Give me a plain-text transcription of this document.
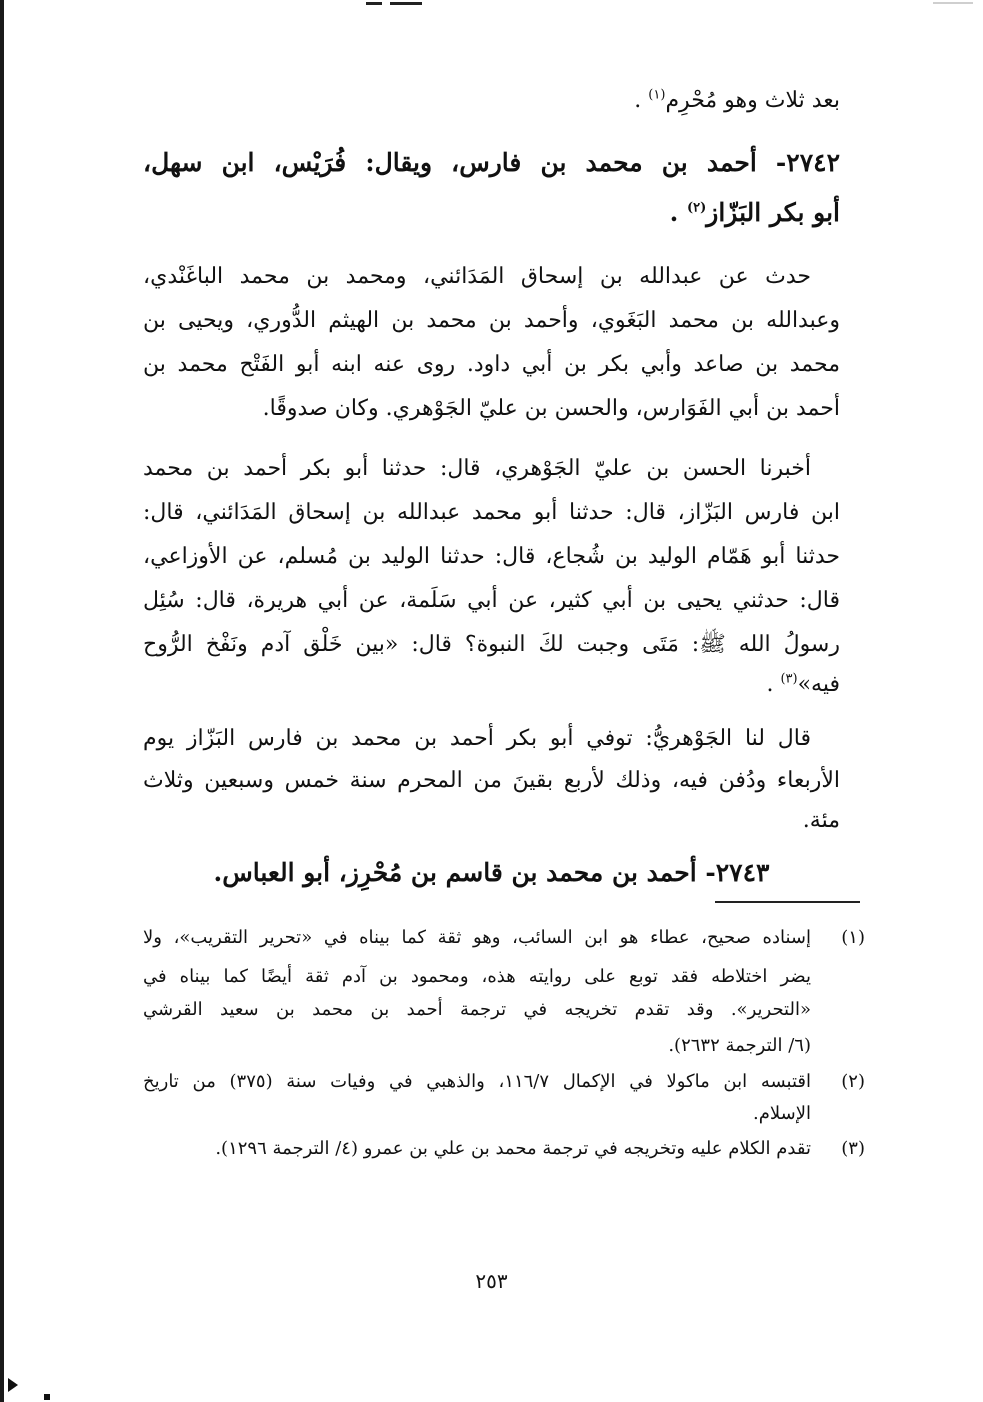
بعد ثلاث وهو مُحْرِم$^{(١)}$ .
٢٧٤٢- أحمد بن محمد بن فارس، ويقال: فُرَيْس، ابن سهل،
أبو بكر البَزّاز$^{(٢)}$ .
حدث عن عبدالله بن إسحاق المَدَائني، ومحمد بن محمد الباغَنْدي،
وعبدالله بن محمد البَغَوي، وأحمد بن محمد بن الهيثم الدُّوري، ويحيى بن
محمد بن صاعد وأبي بكر بن أبي داود. روى عنه ابنه أبو الفَتْح محمد بن
أحمد بن أبي الفَوَارس، والحسن بن عليّ الجَوْهري. وكان صدوقًا.
أخبرنا الحسن بن عليّ الجَوْهري، قال: حدثنا أبو بكر أحمد بن محمد
ابن فارس البَزّاز، قال: حدثنا أبو محمد عبدالله بن إسحاق المَدَائني، قال:
حدثنا أبو هَمّام الوليد بن شُجاع، قال: حدثنا الوليد بن مُسلم، عن الأوزاعي،
قال: حدثني يحيى بن أبي كثير، عن أبي سَلَمة، عن أبي هريرة، قال: سُئِل
رسولُ الله ﷺ: مَتَى وجبت لكَ النبوة؟ قال: «بين خَلْق آدم ونَفْخ الرُّوح
فيه»$^{(٣)}$ .
قال لنا الجَوْهريُّ: توفي أبو بكر أحمد بن محمد بن فارس البَزّاز يوم
الأربعاء ودُفن فيه، وذلك لأربع بقينَ من المحرم سنة خمس وسبعين وثلاث
مئة.
٢٧٤٣- أحمد بن محمد بن قاسم بن مُحْرِز، أبو العباس.
(١)
إسناده صحيح، عطاء هو ابن السائب، وهو ثقة كما بيناه في «تحرير التقريب»، ولا
يضر اختلاطه فقد توبع على روايته هذه، ومحمود بن آدم ثقة أيضًا كما بيناه في
«التحرير». وقد تقدم تخريجه في ترجمة أحمد بن محمد بن سعيد القرشي
(٦/ الترجمة ٢٦٣٢).
(٢)
اقتبسه ابن ماكولا في الإكمال ١١٦/٧، والذهبي في وفيات سنة (٣٧٥) من تاريخ
الإسلام.
(٣)
تقدم الكلام عليه وتخريجه في ترجمة محمد بن علي بن عمرو (٤/ الترجمة ١٢٩٦).
٢٥٣
